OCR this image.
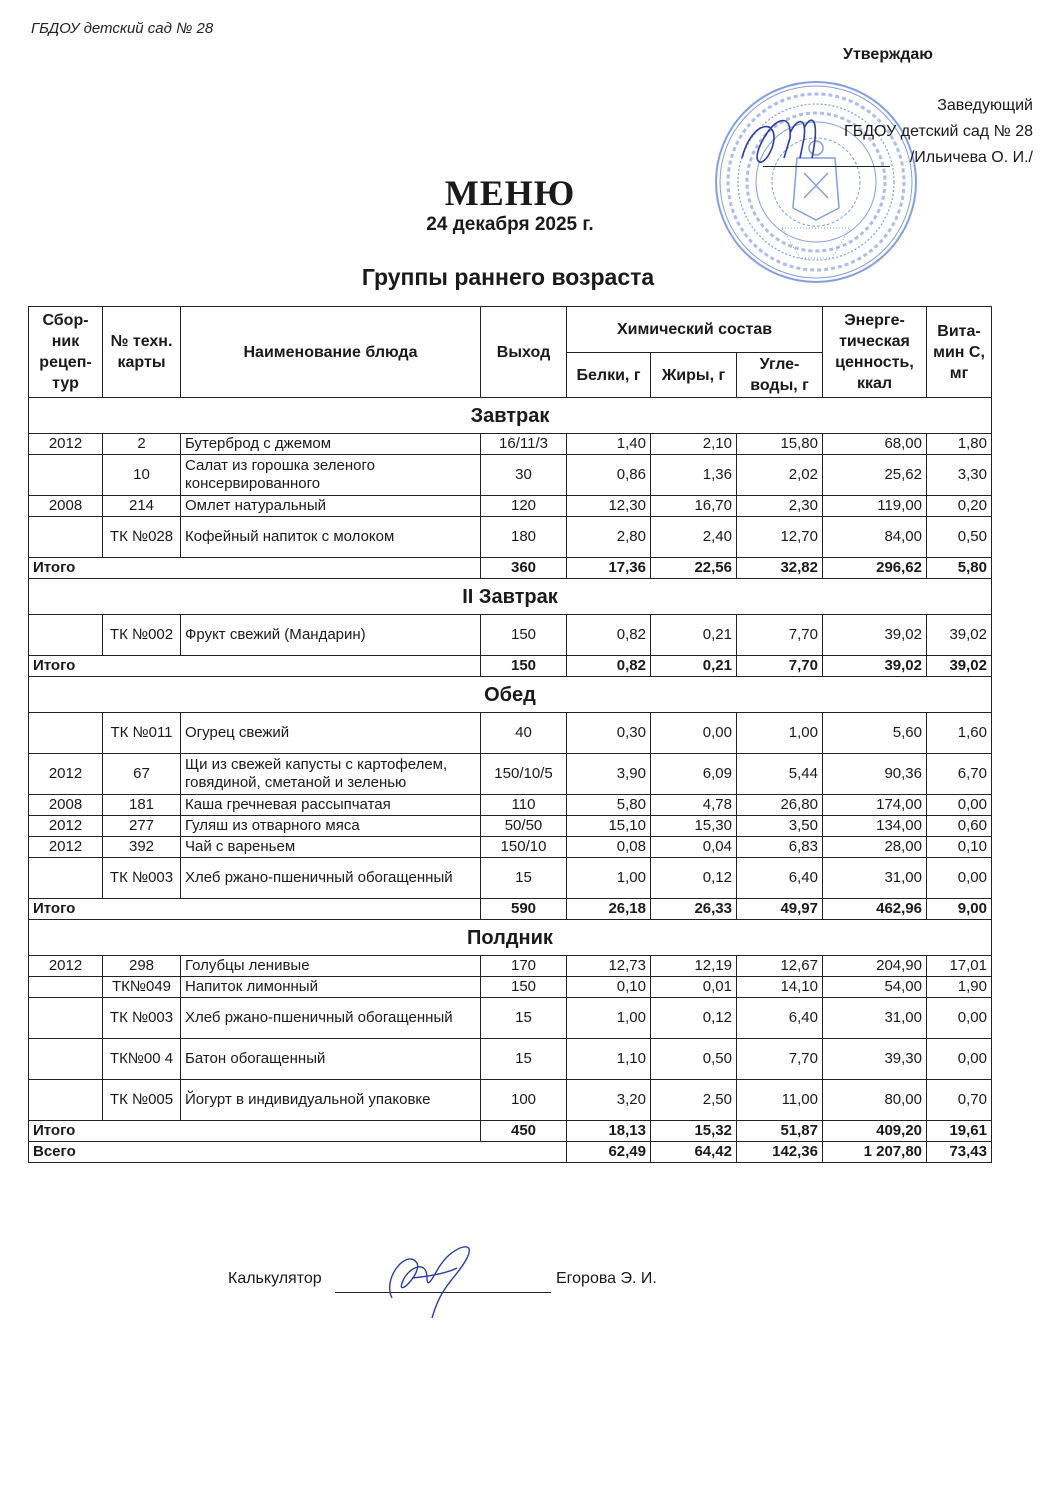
ГБДОУ детский сад № 28
Утверждаю
Заведующий
ГБДОУ детский сад № 28
/Ильичева О. И./
МЕНЮ
24 декабря 2025 г.
Группы раннего возраста
Сбор-ник рецеп-тур	№ техн. карты	Наименование блюда	Выход	Химический состав			Энерге-тическая ценность, ккал	Вита-мин С, мг
				Белки, г	Жиры, г	Угле-воды, г		
Завтрак								
2012	2	Бутерброд с джемом	16/11/3	1,40	2,10	15,80	68,00	1,80
	10	Салат из горошка зеленого консервированного	30	0,86	1,36	2,02	25,62	3,30
2008	214	Омлет натуральный	120	12,30	16,70	2,30	119,00	0,20
	ТК №028	Кофейный напиток с молоком	180	2,80	2,40	12,70	84,00	0,50
Итого			360	17,36	22,56	32,82	296,62	5,80
II Завтрак								
	ТК №002	Фрукт свежий (Мандарин)	150	0,82	0,21	7,70	39,02	39,02
Итого			150	0,82	0,21	7,70	39,02	39,02
Обед								
	ТК №011	Огурец свежий	40	0,30	0,00	1,00	5,60	1,60
2012	67	Щи из свежей капусты с картофелем, говядиной, сметаной и зеленью	150/10/5	3,90	6,09	5,44	90,36	6,70
2008	181	Каша гречневая рассыпчатая	110	5,80	4,78	26,80	174,00	0,00
2012	277	Гуляш из отварного мяса	50/50	15,10	15,30	3,50	134,00	0,60
2012	392	Чай с вареньем	150/10	0,08	0,04	6,83	28,00	0,10
	ТК №003	Хлеб ржано-пшеничный обогащенный	15	1,00	0,12	6,40	31,00	0,00
Итого			590	26,18	26,33	49,97	462,96	9,00
Полдник								
2012	298	Голубцы ленивые	170	12,73	12,19	12,67	204,90	17,01
	ТК№049	Напиток лимонный	150	0,10	0,01	14,10	54,00	1,90
	ТК №003	Хлеб ржано-пшеничный обогащенный	15	1,00	0,12	6,40	31,00	0,00
	ТК№00 4	Батон обогащенный	15	1,10	0,50	7,70	39,30	0,00
	ТК №005	Йогурт в индивидуальной упаковке	100	3,20	2,50	11,00	80,00	0,70
Итого			450	18,13	15,32	51,87	409,20	19,61
Всего				62,49	64,42	142,36	1 207,80	73,43
Калькулятор	Егорова Э. И.
